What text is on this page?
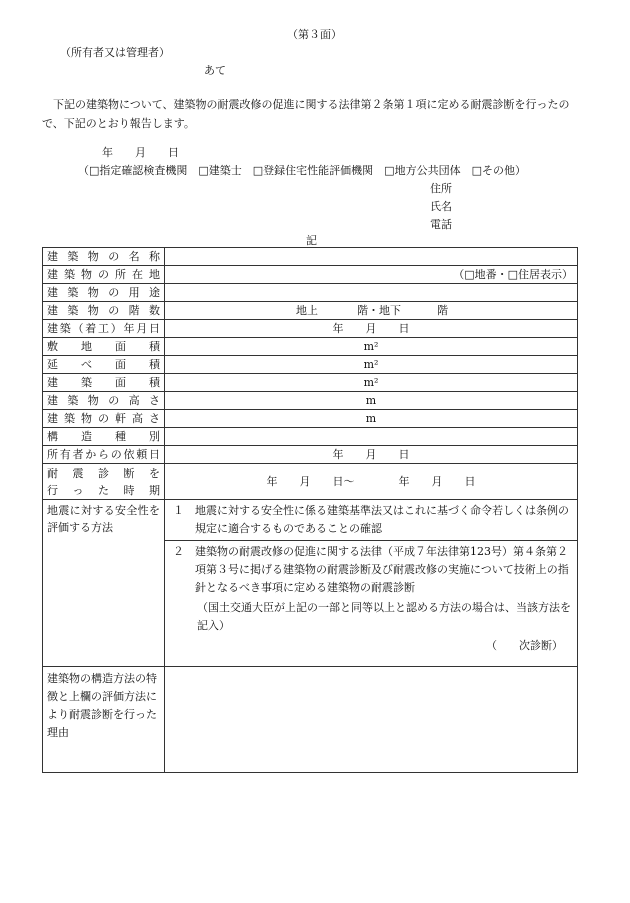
（第３面）
（所有者又は管理者）
あて
下記の建築物について、建築物の耐震改修の促進に関する法律第２条第１項に定める耐震診断を行ったので、下記のとおり報告します。
年　　月　　日
（□指定確認検査機関　□建築士　□登録住宅性能評価機関　□地方公共団体　□その他）
住所
氏名
電話
記
建築物の名称	

建築物の所在地	（□地番・□住居表示）

建築物の用途	

建築物の階数	地上 階・地下 階

建築（着工）年月日	年　　月　　日

敷地面積	m²

延べ面積	m²

建築面積	m²

建築物の高さ	m

建築物の軒高さ	m

構造種別	

所有者からの依頼日	年　　月　　日

耐震診断を
行った時期	年　　月　　日～　　　　年　　月　　日
地震に対する安全性を評価する方法	１ 地震に対する安全性に係る建築基準法又はこれに基づく命令若しくは条例の規定に適合するものであることの確認

	２ 建築物の耐震改修の促進に関する法律（平成７年法律第123号）第４条第２項第３号に掲げる建築物の耐震診断及び耐震改修の実施について技術上の指針となるべき事項に定める建築物の耐震診断
（国土交通大臣が上記の一部と同等以上と認める方法の場合は、当該方法を記入）
（　　次診断）

建築物の構造方法の特徴と上欄の評価方法により耐震診断を行った理由	
